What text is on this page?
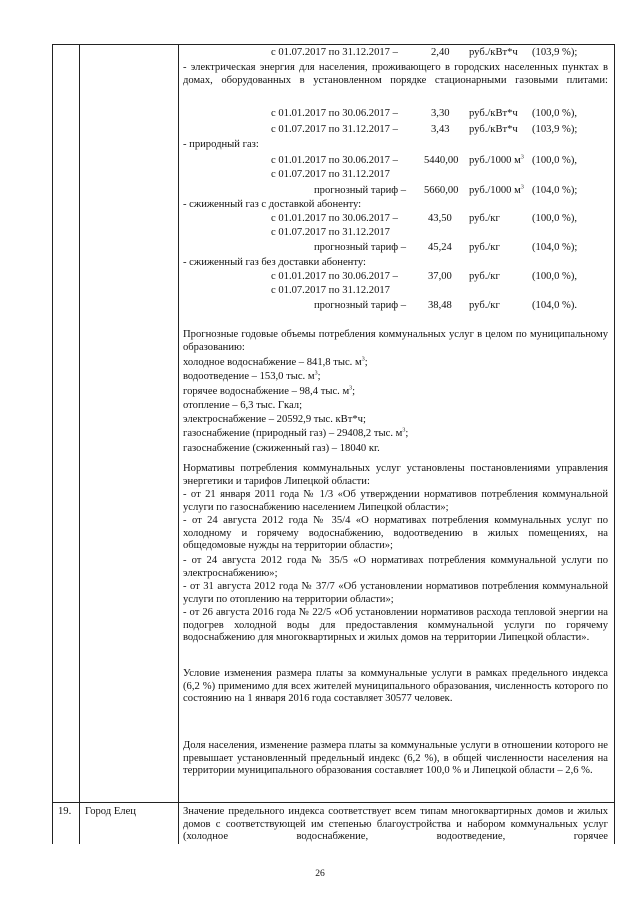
с 01.07.2017 по 31.12.2017 –	2,40 руб./кВт*ч (103,9 %);
- электрическая энергия для населения, проживающего в городских населенных пунктах в домах, оборудованных в установленном порядке стационарными газовыми плитами:
с 01.01.2017 по 30.06.2017 –	3,30 руб./кВт*ч (100,0 %),
с 01.07.2017 по 31.12.2017 –	3,43 руб./кВт*ч (103,9 %);
- природный газ:
с 01.01.2017 по 30.06.2017 – 5440,00 руб./1000 $м^3$ (100,0 %),
с 01.07.2017 по 31.12.2017
прогнозный тариф – 5660,00 руб./1000 $м^3$ (104,0 %);
- сжиженный газ с доставкой абоненту:
с 01.01.2017 по 30.06.2017 –	43,50 руб./кг	(100,0 %),
с 01.07.2017 по 31.12.2017
прогнозный тариф – 45,24 руб./кг	(104,0 %);
- сжиженный газ без доставки абоненту:
с 01.01.2017 по 30.06.2017 –	37,00 руб./кг	(100,0 %),
с 01.07.2017 по 31.12.2017
прогнозный тариф – 38,48 руб./кг	(104,0 %).
Прогнозные годовые объемы потребления коммунальных услуг в целом по муниципальному образованию:
холодное водоснабжение – 841,8 тыс. $м^3$;
водоотведение – 153,0 тыс. $м^3$;
горячее водоснабжение – 98,4 тыс. $м^3$;
отопление – 6,3 тыс. Гкал;
электроснабжение – 20592,9 тыс. кВт*ч;
газоснабжение (природный газ) – 29408,2 тыс. $м^3$;
газоснабжение (сжиженный газ) – 18040 кг.
Нормативы потребления коммунальных услуг установлены постановлениями управления энергетики и тарифов Липецкой области:
- от 21 января 2011 года № 1/3 «Об утверждении нормативов потребления коммунальной услуги по газоснабжению населением Липецкой области»;
- от 24 августа 2012 года № 35/4 «О нормативах потребления коммунальных услуг по холодному и горячему водоснабжению, водоотведению в жилых помещениях, на общедомовые нужды на территории области»;
- от 24 августа 2012 года № 35/5 «О нормативах потребления коммунальной услуги по электроснабжению»;
- от 31 августа 2012 года № 37/7 «Об установлении нормативов потребления коммунальной услуги по отоплению на территории области»;
- от 26 августа 2016 года № 22/5 «Об установлении нормативов расхода тепловой энергии на подогрев холодной воды для предоставления коммунальной услуги по горячему водоснабжению для многоквартирных и жилых домов на территории Липецкой области».
Условие изменения размера платы за коммунальные услуги в рамках предельного индекса (6,2 %) применимо для всех жителей муниципального образования, численность которого по состоянию на 1 января 2016 года составляет 30577 человек.
Доля населения, изменение размера платы за коммунальные услуги в отношении которого не превышает установленный предельный индекс (6,2 %), в общей численности населения на территории муниципального образования составляет 100,0 % и Липецкой области – 2,6 %.
19. Город Елец	Значение предельного индекса соответствует всем типам многоквартирных домов и жилых домов с соответствующей им степенью благоустройства и набором коммунальных услуг (холодное водоснабжение, водоотведение, горячее
26
